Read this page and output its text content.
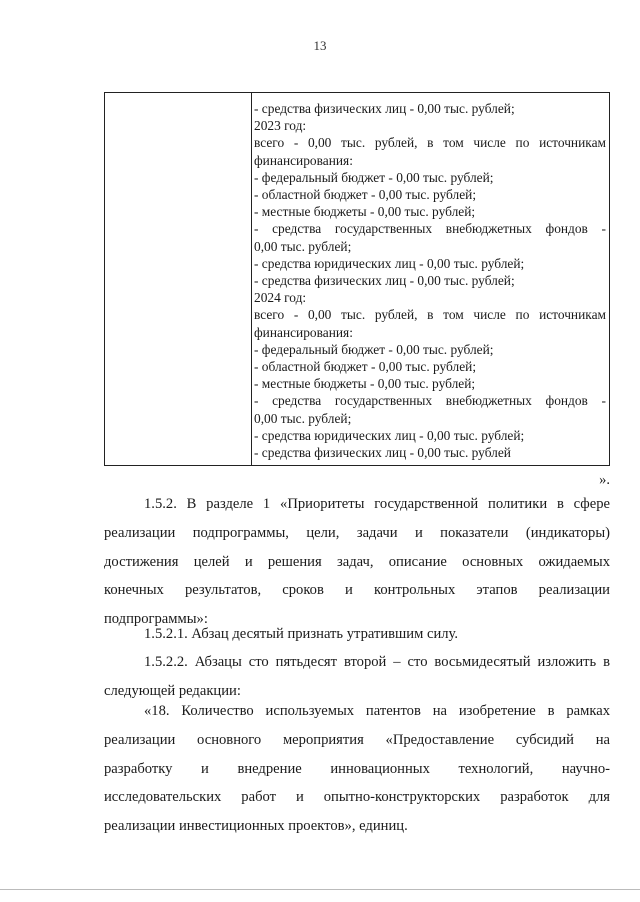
13
- средства физических лиц - 0,00 тыс. рублей;
2023 год:
всего - 0,00 тыс. рублей, в том числе по источникам
финансирования:
- федеральный бюджет - 0,00 тыс. рублей;
- областной бюджет - 0,00 тыс. рублей;
- местные бюджеты - 0,00 тыс. рублей;
- средства государственных внебюджетных фондов -
0,00 тыс. рублей;
- средства юридических лиц - 0,00 тыс. рублей;
- средства физических лиц - 0,00 тыс. рублей;
2024 год:
всего - 0,00 тыс. рублей, в том числе по источникам
финансирования:
- федеральный бюджет - 0,00 тыс. рублей;
- областной бюджет - 0,00 тыс. рублей;
- местные бюджеты - 0,00 тыс. рублей;
- средства государственных внебюджетных фондов -
0,00 тыс. рублей;
- средства юридических лиц - 0,00 тыс. рублей;
- средства физических лиц - 0,00 тыс. рублей
».
1.5.2. В разделе 1 «Приоритеты государственной политики в сфере
реализации подпрограммы, цели, задачи и показатели (индикаторы)
достижения целей и решения задач, описание основных ожидаемых
конечных результатов, сроков и контрольных этапов реализации
подпрограммы»:
1.5.2.1. Абзац десятый признать утратившим силу.
1.5.2.2. Абзацы сто пятьдесят второй – сто восьмидесятый изложить в
следующей редакции:
«18. Количество используемых патентов на изобретение в рамках
реализации основного мероприятия «Предоставление субсидий на
разработку и внедрение инновационных технологий, научно-
исследовательских работ и опытно-конструкторских разработок для
реализации инвестиционных проектов», единиц.
